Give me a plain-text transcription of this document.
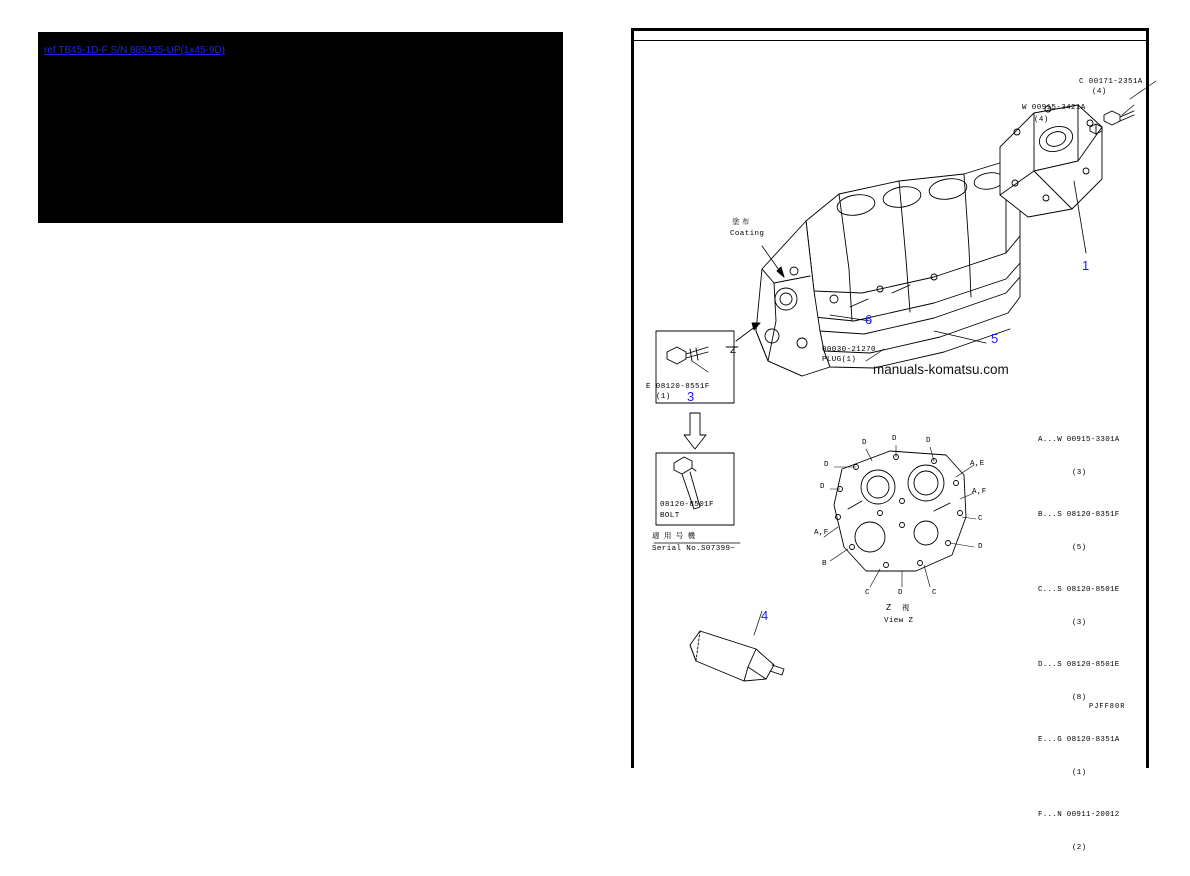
ref TB45-1D-F S/N 885435-UP(1x45-9D)
C 00171-2351A
(4)
W 00915-3421A
(4)
1
3
4
5
6
塗 布
Coating
00030-21270
PLUG(1)
E 08120-8551F
(1)
08120-8501F
BOLT
適 用 号 機
Serial No.S07399~
Z
Z  視
View Z
A,E
A,F
A,F
B
C
C
C
D	D	D
D
D
D
D

A...W 00915-3301A

(3)

B...S 08120-8351F

(5)

C...S 08120-8501E

(3)

D...S 08120-8501E

(8)

E...G 08120-8351A

(1)

F...N 00911-20012

(2)

PJFF80R
manuals-komatsu.com
